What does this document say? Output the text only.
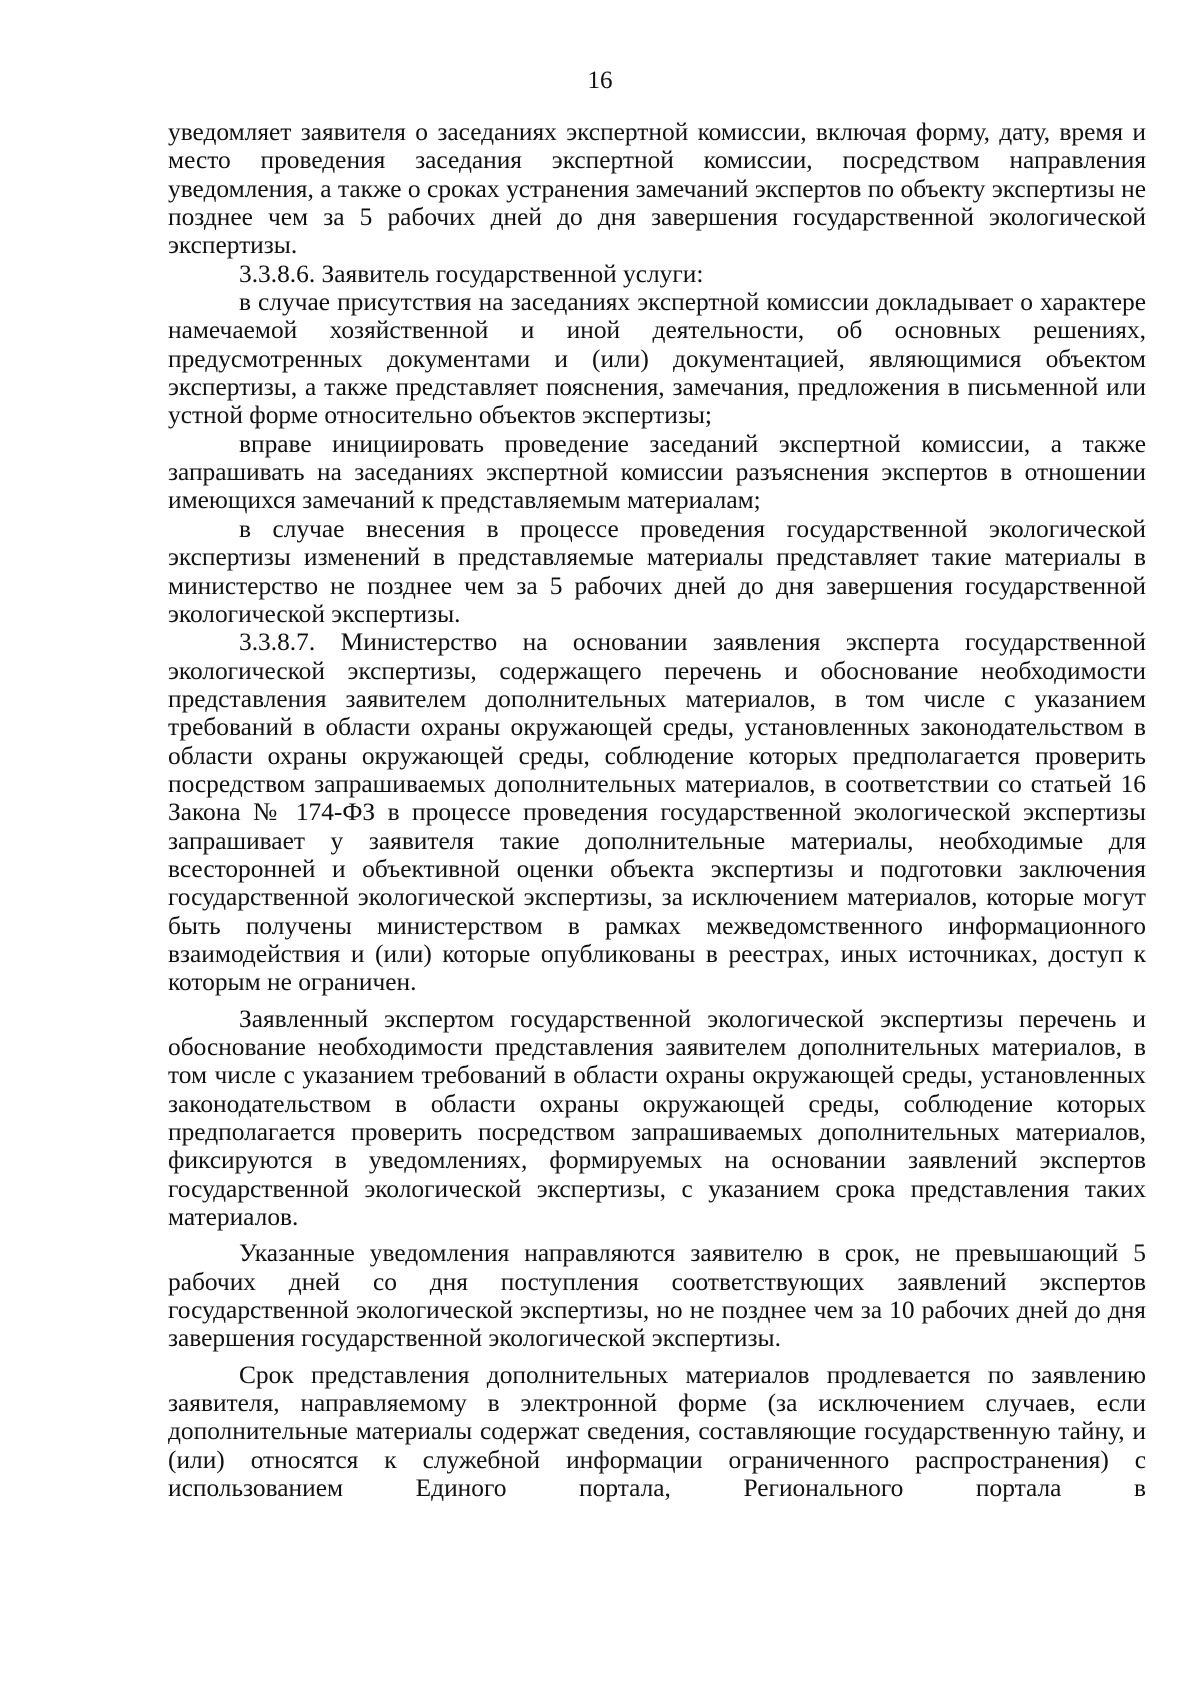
16

уведомляет заявителя о заседаниях экспертной комиссии, включая форму, дату, время и место проведения заседания экспертной комиссии, посредством направления уведомления, а также о сроках устранения замечаний экспертов по объекту экспертизы не позднее чем за 5 рабочих дней до дня завершения государственной экологической экспертизы.

3.3.8.6. Заявитель государственной услуги:

в случае присутствия на заседаниях экспертной комиссии докладывает о характере намечаемой хозяйственной и иной деятельности, об основных решениях, предусмотренных документами и (или) документацией, являющимися объектом экспертизы, а также представляет пояснения, замечания, предложения в письменной или устной форме относительно объектов экспертизы;

вправе инициировать проведение заседаний экспертной комиссии, а также запрашивать на заседаниях экспертной комиссии разъяснения экспертов в отношении имеющихся замечаний к представляемым материалам;

в случае внесения в процессе проведения государственной экологической экспертизы изменений в представляемые материалы представляет такие материалы в министерство не позднее чем за 5 рабочих дней до дня завершения государственной экологической экспертизы.

3.3.8.7. Министерство на основании заявления эксперта государственной экологической экспертизы, содержащего перечень и обоснование необходимости представления заявителем дополнительных материалов, в том числе с указанием требований в области охраны окружающей среды, установленных законодательством в области охраны окружающей среды, соблюдение которых предполагается проверить посредством запрашиваемых дополнительных материалов, в соответствии со статьей 16 Закона № 174-ФЗ в процессе проведения государственной экологической экспертизы запрашивает у заявителя такие дополнительные материалы, необходимые для всесторонней и объективной оценки объекта экспертизы и подготовки заключения государственной экологической экспертизы, за исключением материалов, которые могут быть получены министерством в рамках межведомственного информационного взаимодействия и (или) которые опубликованы в реестрах, иных источниках, доступ к которым не ограничен.

Заявленный экспертом государственной экологической экспертизы перечень и обоснование необходимости представления заявителем дополнительных материалов, в том числе с указанием требований в области охраны окружающей среды, установленных законодательством в области охраны окружающей среды, соблюдение которых предполагается проверить посредством запрашиваемых дополнительных материалов, фиксируются в уведомлениях, формируемых на основании заявлений экспертов государственной экологической экспертизы, с указанием срока представления таких материалов.

Указанные уведомления направляются заявителю в срок, не превышающий 5 рабочих дней со дня поступления соответствующих заявлений экспертов государственной экологической экспертизы, но не позднее чем за 10 рабочих дней до дня завершения государственной экологической экспертизы.

Срок представления дополнительных материалов продлевается по заявлению заявителя, направляемому в электронной форме (за исключением случаев, если дополнительные материалы содержат сведения, составляющие государственную тайну, и (или) относятся к служебной информации ограниченного распространения) с использованием Единого портала, Регионального портала в
